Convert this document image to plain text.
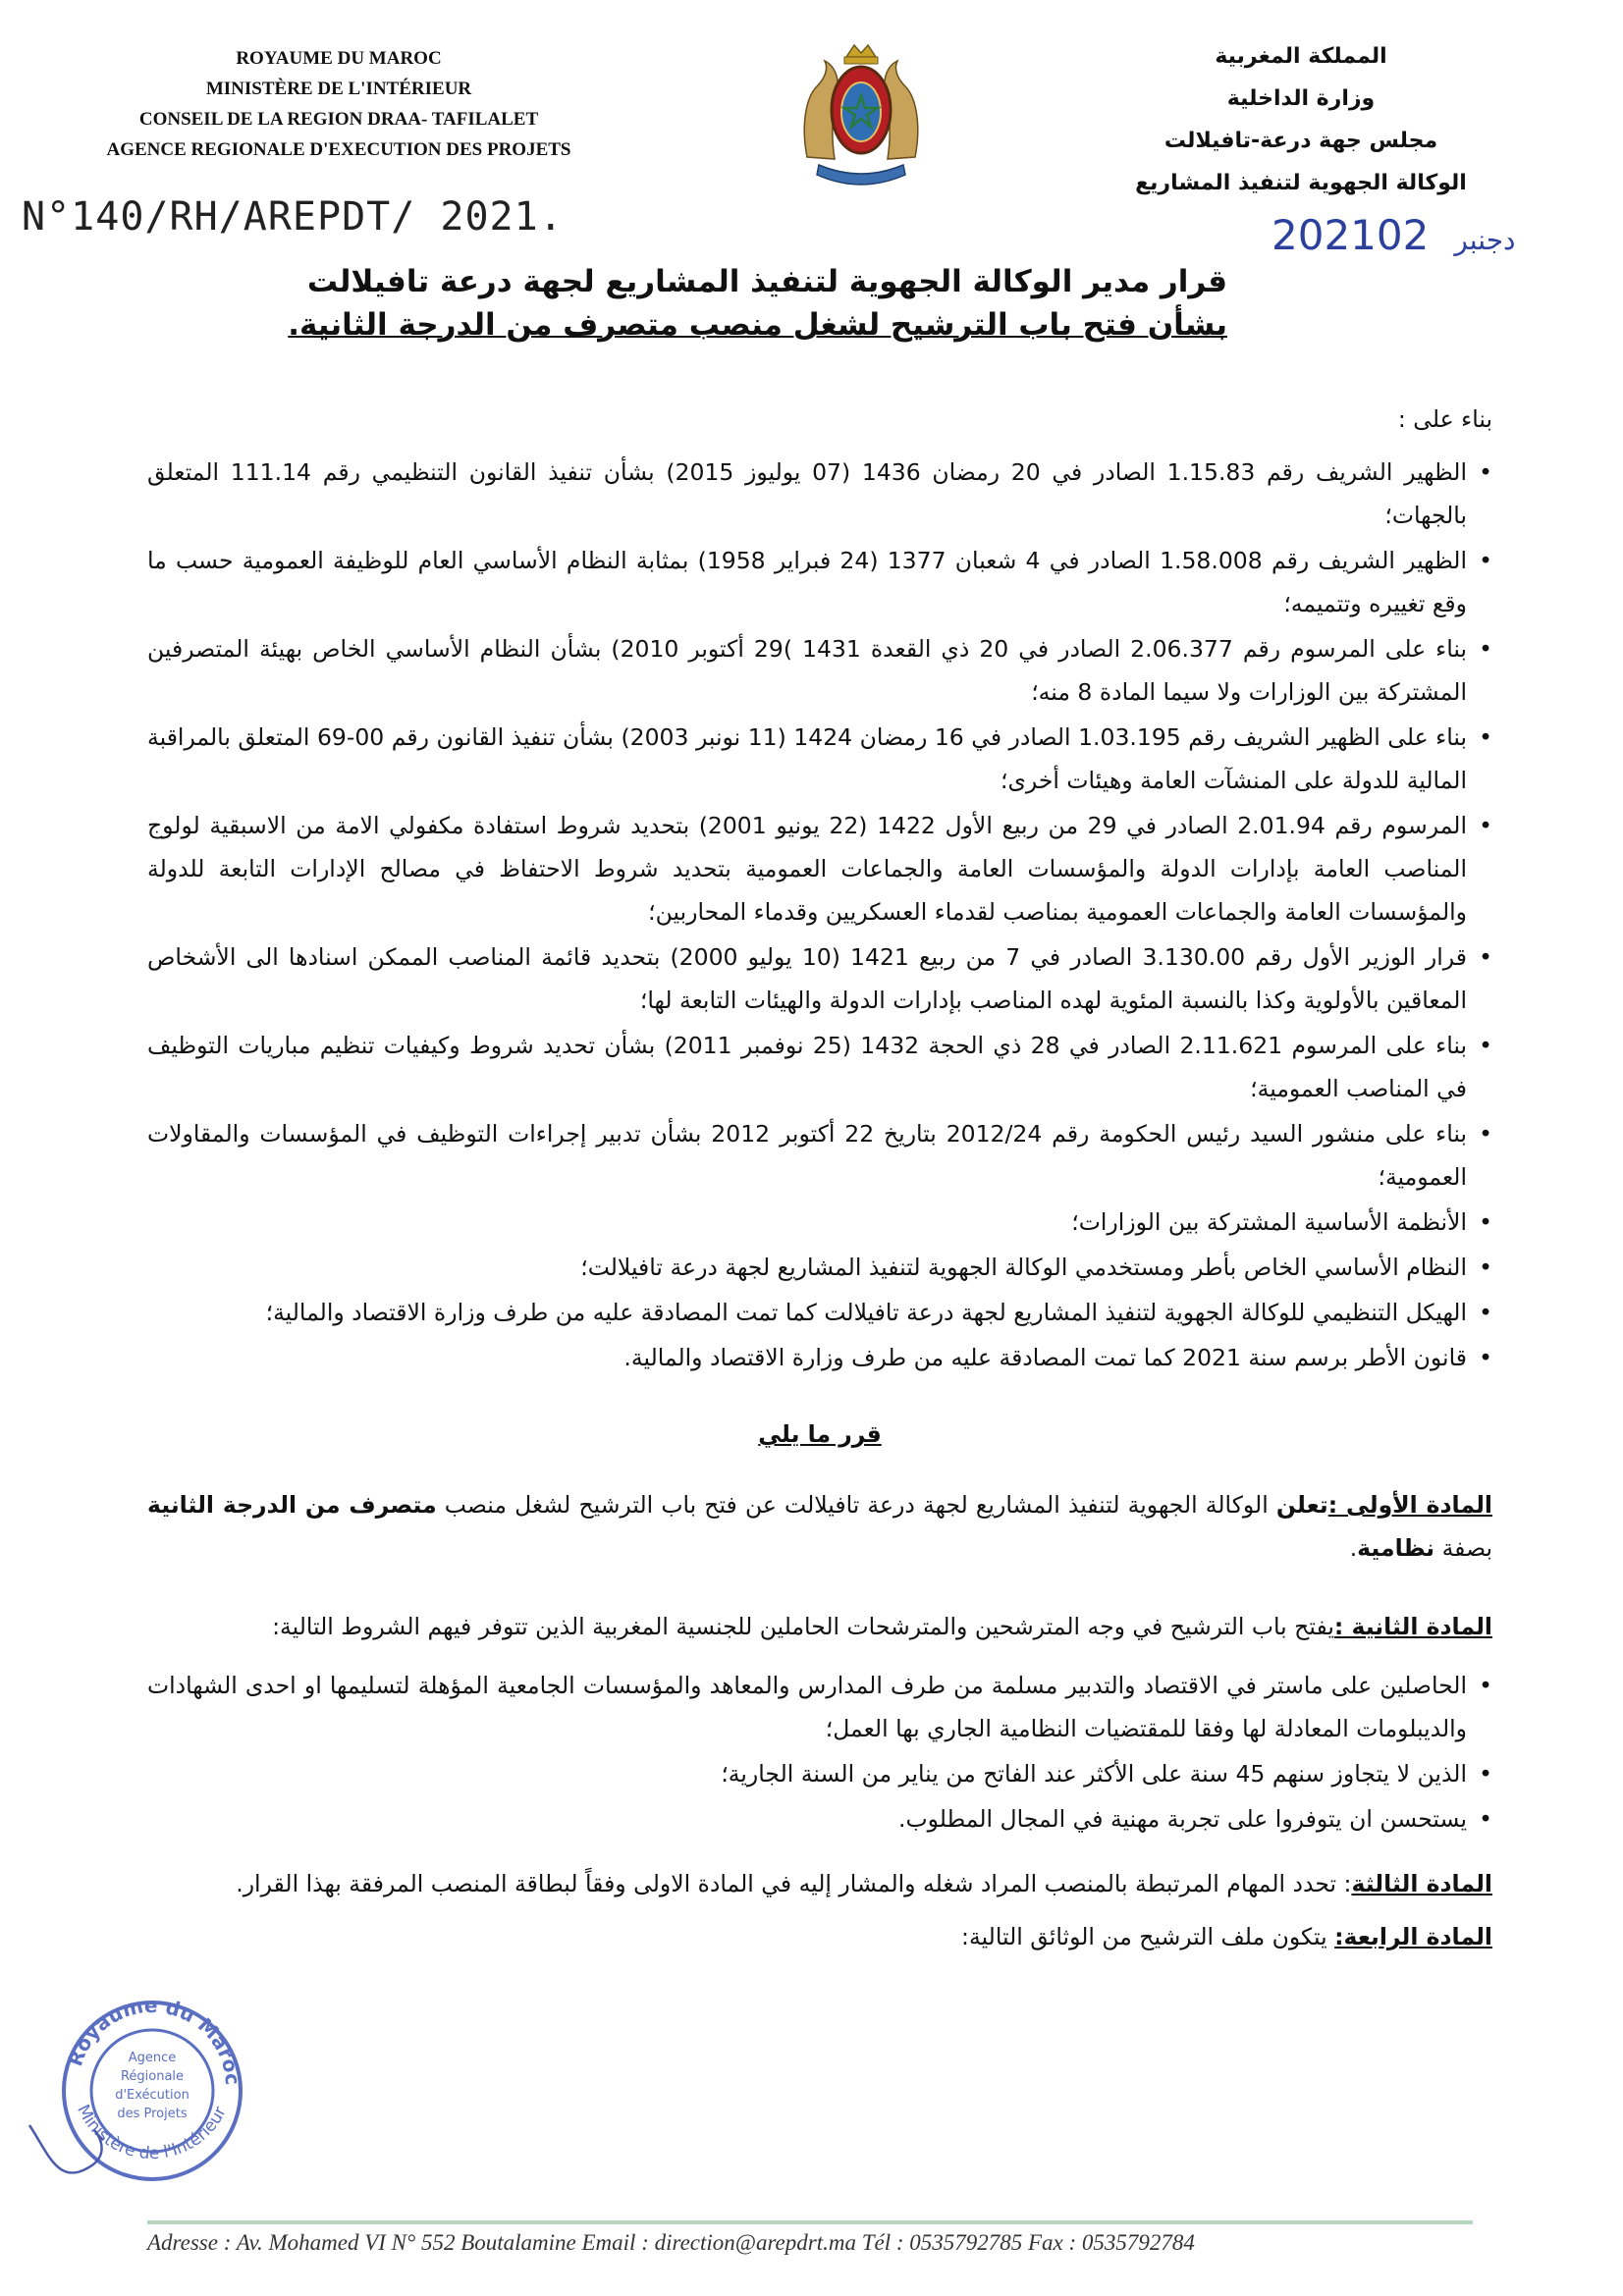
ROYAUME DU MAROC
MINISTÈRE DE L'INTÉRIEUR
CONSEIL DE LA REGION DRAA- TAFILALET
AGENCE REGIONALE D'EXECUTION DES PROJETS
المملكة المغربية
وزارة الداخلية
مجلس جهة درعة-تافيلالت
الوكالة الجهوية لتنفيذ المشاريع
N°140/RH/AREPDT/ 2021.	2021	دجنبر02
قرار مدير الوكالة الجهوية لتنفيذ المشاريع لجهة درعة تافيلالت
بشأن فتح باب الترشيح لشغل منصب متصرف من الدرجة الثانية.

بناء على :

•
الظهير الشريف رقم 1.15.83 الصادر في 20 رمضان 1436 (07 يوليوز 2015) بشأن تنفيذ القانون التنظيمي رقم 111.14 المتعلق بالجهات؛
•
الظهير الشريف رقم 1.58.008 الصادر في 4 شعبان 1377 (24 فبراير 1958) بمثابة النظام الأساسي العام للوظيفة العمومية حسب ما وقع تغييره وتتميمه؛
•
بناء على المرسوم رقم 2.06.377 الصادر في 20 ذي القعدة 1431 )29 أكتوبر 2010) بشأن النظام الأساسي الخاص بهيئة المتصرفين المشتركة بين الوزارات ولا سيما المادة 8 منه؛
•
بناء على الظهير الشريف رقم 1.03.195 الصادر في 16 رمضان 1424 (11 نونبر 2003) بشأن تنفيذ القانون رقم 00-69 المتعلق بالمراقبة المالية للدولة على المنشآت العامة وهيئات أخرى؛
•
المرسوم رقم 2.01.94 الصادر في 29 من ربيع الأول 1422 (22 يونيو 2001) بتحديد شروط استفادة مكفولي الامة من الاسبقية لولوج المناصب العامة بإدارات الدولة والمؤسسات العامة والجماعات العمومية بتحديد شروط الاحتفاظ في مصالح الإدارات التابعة للدولة والمؤسسات العامة والجماعات العمومية بمناصب لقدماء العسكريين وقدماء المحاربين؛
•
قرار الوزير الأول رقم 3.130.00 الصادر في 7 من ربيع 1421 (10 يوليو 2000) بتحديد قائمة المناصب الممكن اسنادها الى الأشخاص المعاقين بالأولوية وكذا بالنسبة المئوية لهده المناصب بإدارات الدولة والهيئات التابعة لها؛
•
بناء على المرسوم 2.11.621 الصادر في 28 ذي الحجة 1432 (25 نوفمبر 2011) بشأن تحديد شروط وكيفيات تنظيم مباريات التوظيف في المناصب العمومية؛
•
بناء على منشور السيد رئيس الحكومة رقم 2012/24 بتاريخ 22 أكتوبر 2012 بشأن تدبير إجراءات التوظيف في المؤسسات والمقاولات العمومية؛
•
الأنظمة الأساسية المشتركة بين الوزارات؛
•
النظام الأساسي الخاص بأطر ومستخدمي الوكالة الجهوية لتنفيذ المشاريع لجهة درعة تافيلالت؛
•
الهيكل التنظيمي للوكالة الجهوية لتنفيذ المشاريع لجهة درعة تافيلالت كما تمت المصادقة عليه من طرف وزارة الاقتصاد والمالية؛
•
قانون الأطر برسم سنة 2021 كما تمت المصادقة عليه من طرف وزارة الاقتصاد والمالية.

قرر ما يلي

المادة الأولى :تعلن الوكالة الجهوية لتنفيذ المشاريع لجهة درعة تافيلالت عن فتح باب الترشيح لشغل منصب متصرف من الدرجة الثانية بصفة نظامية.

المادة الثانية :يفتح باب الترشيح في وجه المترشحين والمترشحات الحاملين للجنسية المغربية الذين تتوفر فيهم الشروط التالية:

•
الحاصلين على ماستر في الاقتصاد والتدبير مسلمة من طرف المدارس والمعاهد والمؤسسات الجامعية المؤهلة لتسليمها او احدى الشهادات والديبلومات المعادلة لها وفقا للمقتضيات النظامية الجاري بها العمل؛
•
الذين لا يتجاوز سنهم 45 سنة على الأكثر عند الفاتح من يناير من السنة الجارية؛
•
يستحسن ان يتوفروا على تجربة مهنية في المجال المطلوب.

المادة الثالثة: تحدد المهام المرتبطة بالمنصب المراد شغله والمشار إليه في المادة الاولى وفقاً لبطاقة المنصب المرفقة بهذا القرار.

المادة الرابعة: يتكون ملف الترشيح من الوثائق التالية:

Royaume du Maroc
Ministère de l'Intérieur
Agence
Régionale
d'Exécution
des Projets
Adresse : Av. Mohamed VI N° 552 Boutalamine Email : direction@arepdrt.ma Tél : 0535792785 Fax : 0535792784
